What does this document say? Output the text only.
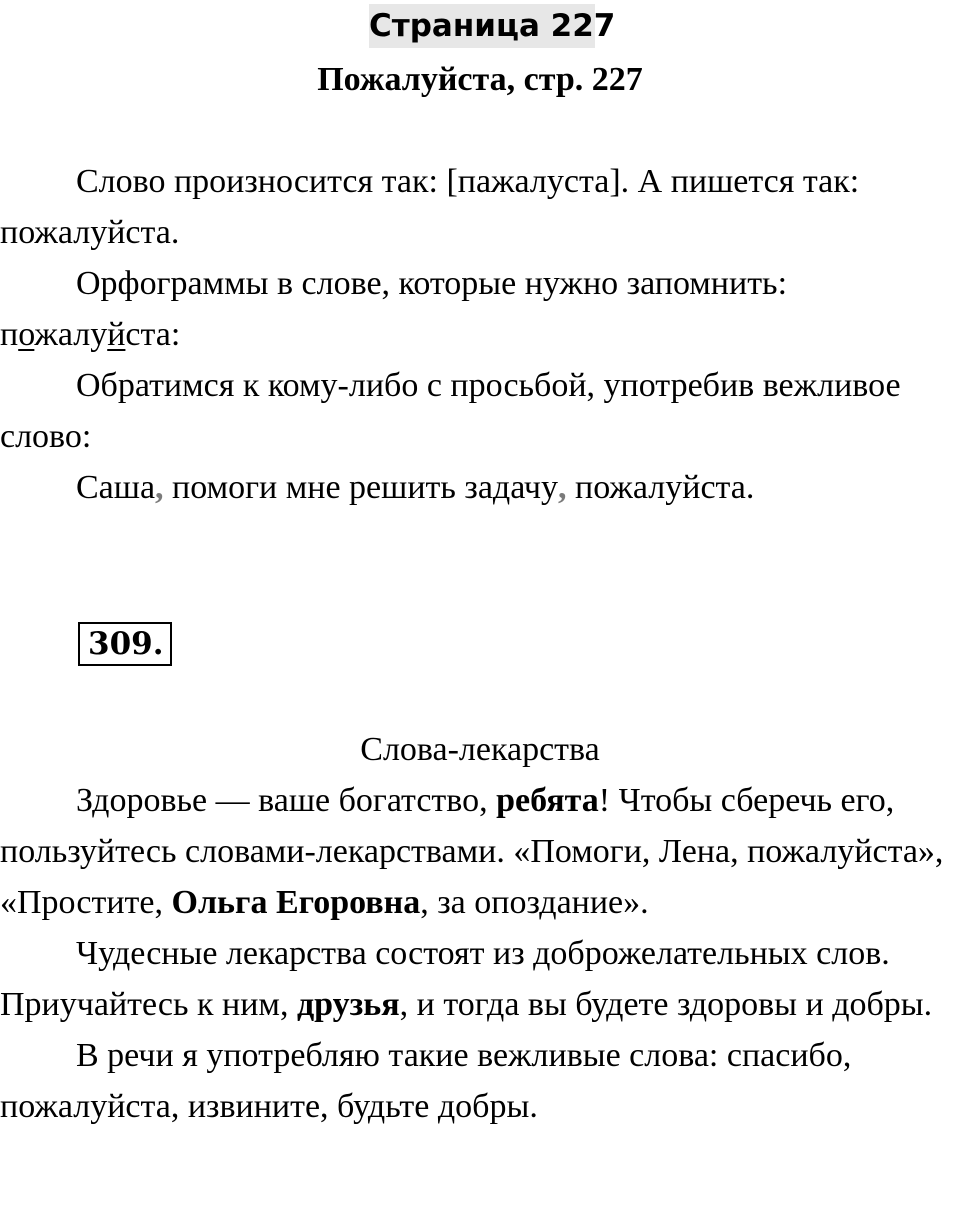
Страница 227
Пожалуйста, стр. 227

Слово произносится так: [пажалуста]. А пишется так: пожалуйста.

Орфограммы в слове, которые нужно запомнить: пожалуйста:

Обратимся к кому-либо с просьбой, употребив вежливое слово:

Саша, помоги мне решить задачу, пожалуйста.

309.
Слова-лекарства

Здоровье — ваше богатство, ребята! Чтобы сберечь его, пользуйтесь словами-лекарствами. «Помоги, Лена, пожалуйста», «Простите, Ольга Егоровна, за опоздание».

Чудесные лекарства состоят из доброжелательных слов. Приучайтесь к ним, друзья, и тогда вы будете здоровы и добры.

В речи я употребляю такие вежливые слова: спасибо, пожалуйста, извините, будьте добры.
